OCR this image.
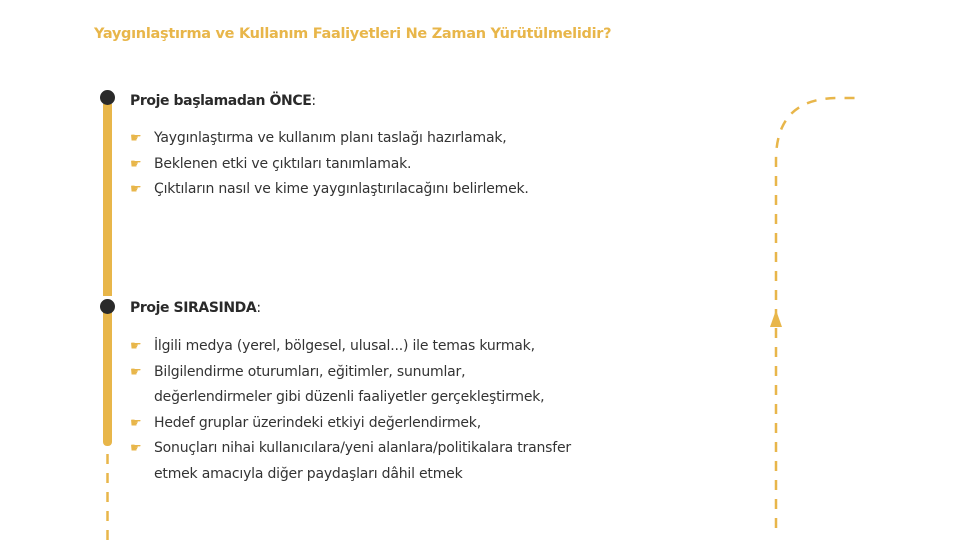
Yaygınlaştırma ve Kullanım Faaliyetleri Ne Zaman Yürütülmelidir?
Proje başlamadan ÖNCE:
☛ Yaygınlaştırma ve kullanım planı taslağı hazırlamak,
☛ Beklenen etki ve çıktıları tanımlamak.
☛ Çıktıların nasıl ve kime yaygınlaştırılacağını belirlemek.
Proje SIRASINDA:
☛ İlgili medya (yerel, bölgesel, ulusal...) ile temas kurmak,
☛ Bilgilendirme oturumları, eğitimler, sunumlar,
değerlendirmeler gibi düzenli faaliyetler gerçekleştirmek,
☛ Hedef gruplar üzerindeki etkiyi değerlendirmek,
☛ Sonuçları nihai kullanıcılara/yeni alanlara/politikalara transfer
etmek amacıyla diğer paydaşları dâhil etmek
